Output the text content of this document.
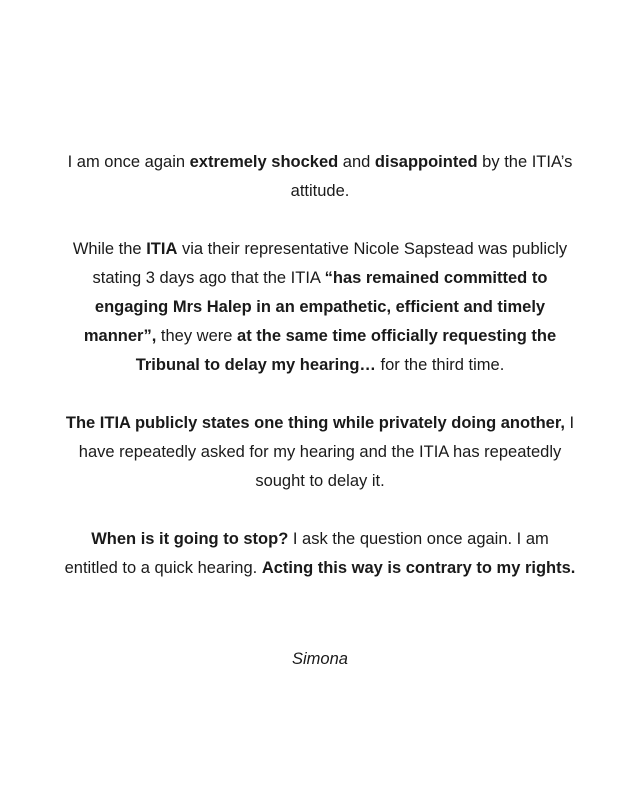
I am once again extremely shocked and disappointed by the ITIA’s attitude.

While the ITIA via their representative Nicole Sapstead was publicly stating 3 days ago that the ITIA “has remained committed to engaging Mrs Halep in an empathetic, efficient and timely manner”, they were at the same time officially requesting the Tribunal to delay my hearing… for the third time.

The ITIA publicly states one thing while privately doing another, I have repeatedly asked for my hearing and the ITIA has repeatedly sought to delay it.

When is it going to stop? I ask the question once again. I am entitled to a quick hearing. Acting this way is contrary to my rights.

Simona
